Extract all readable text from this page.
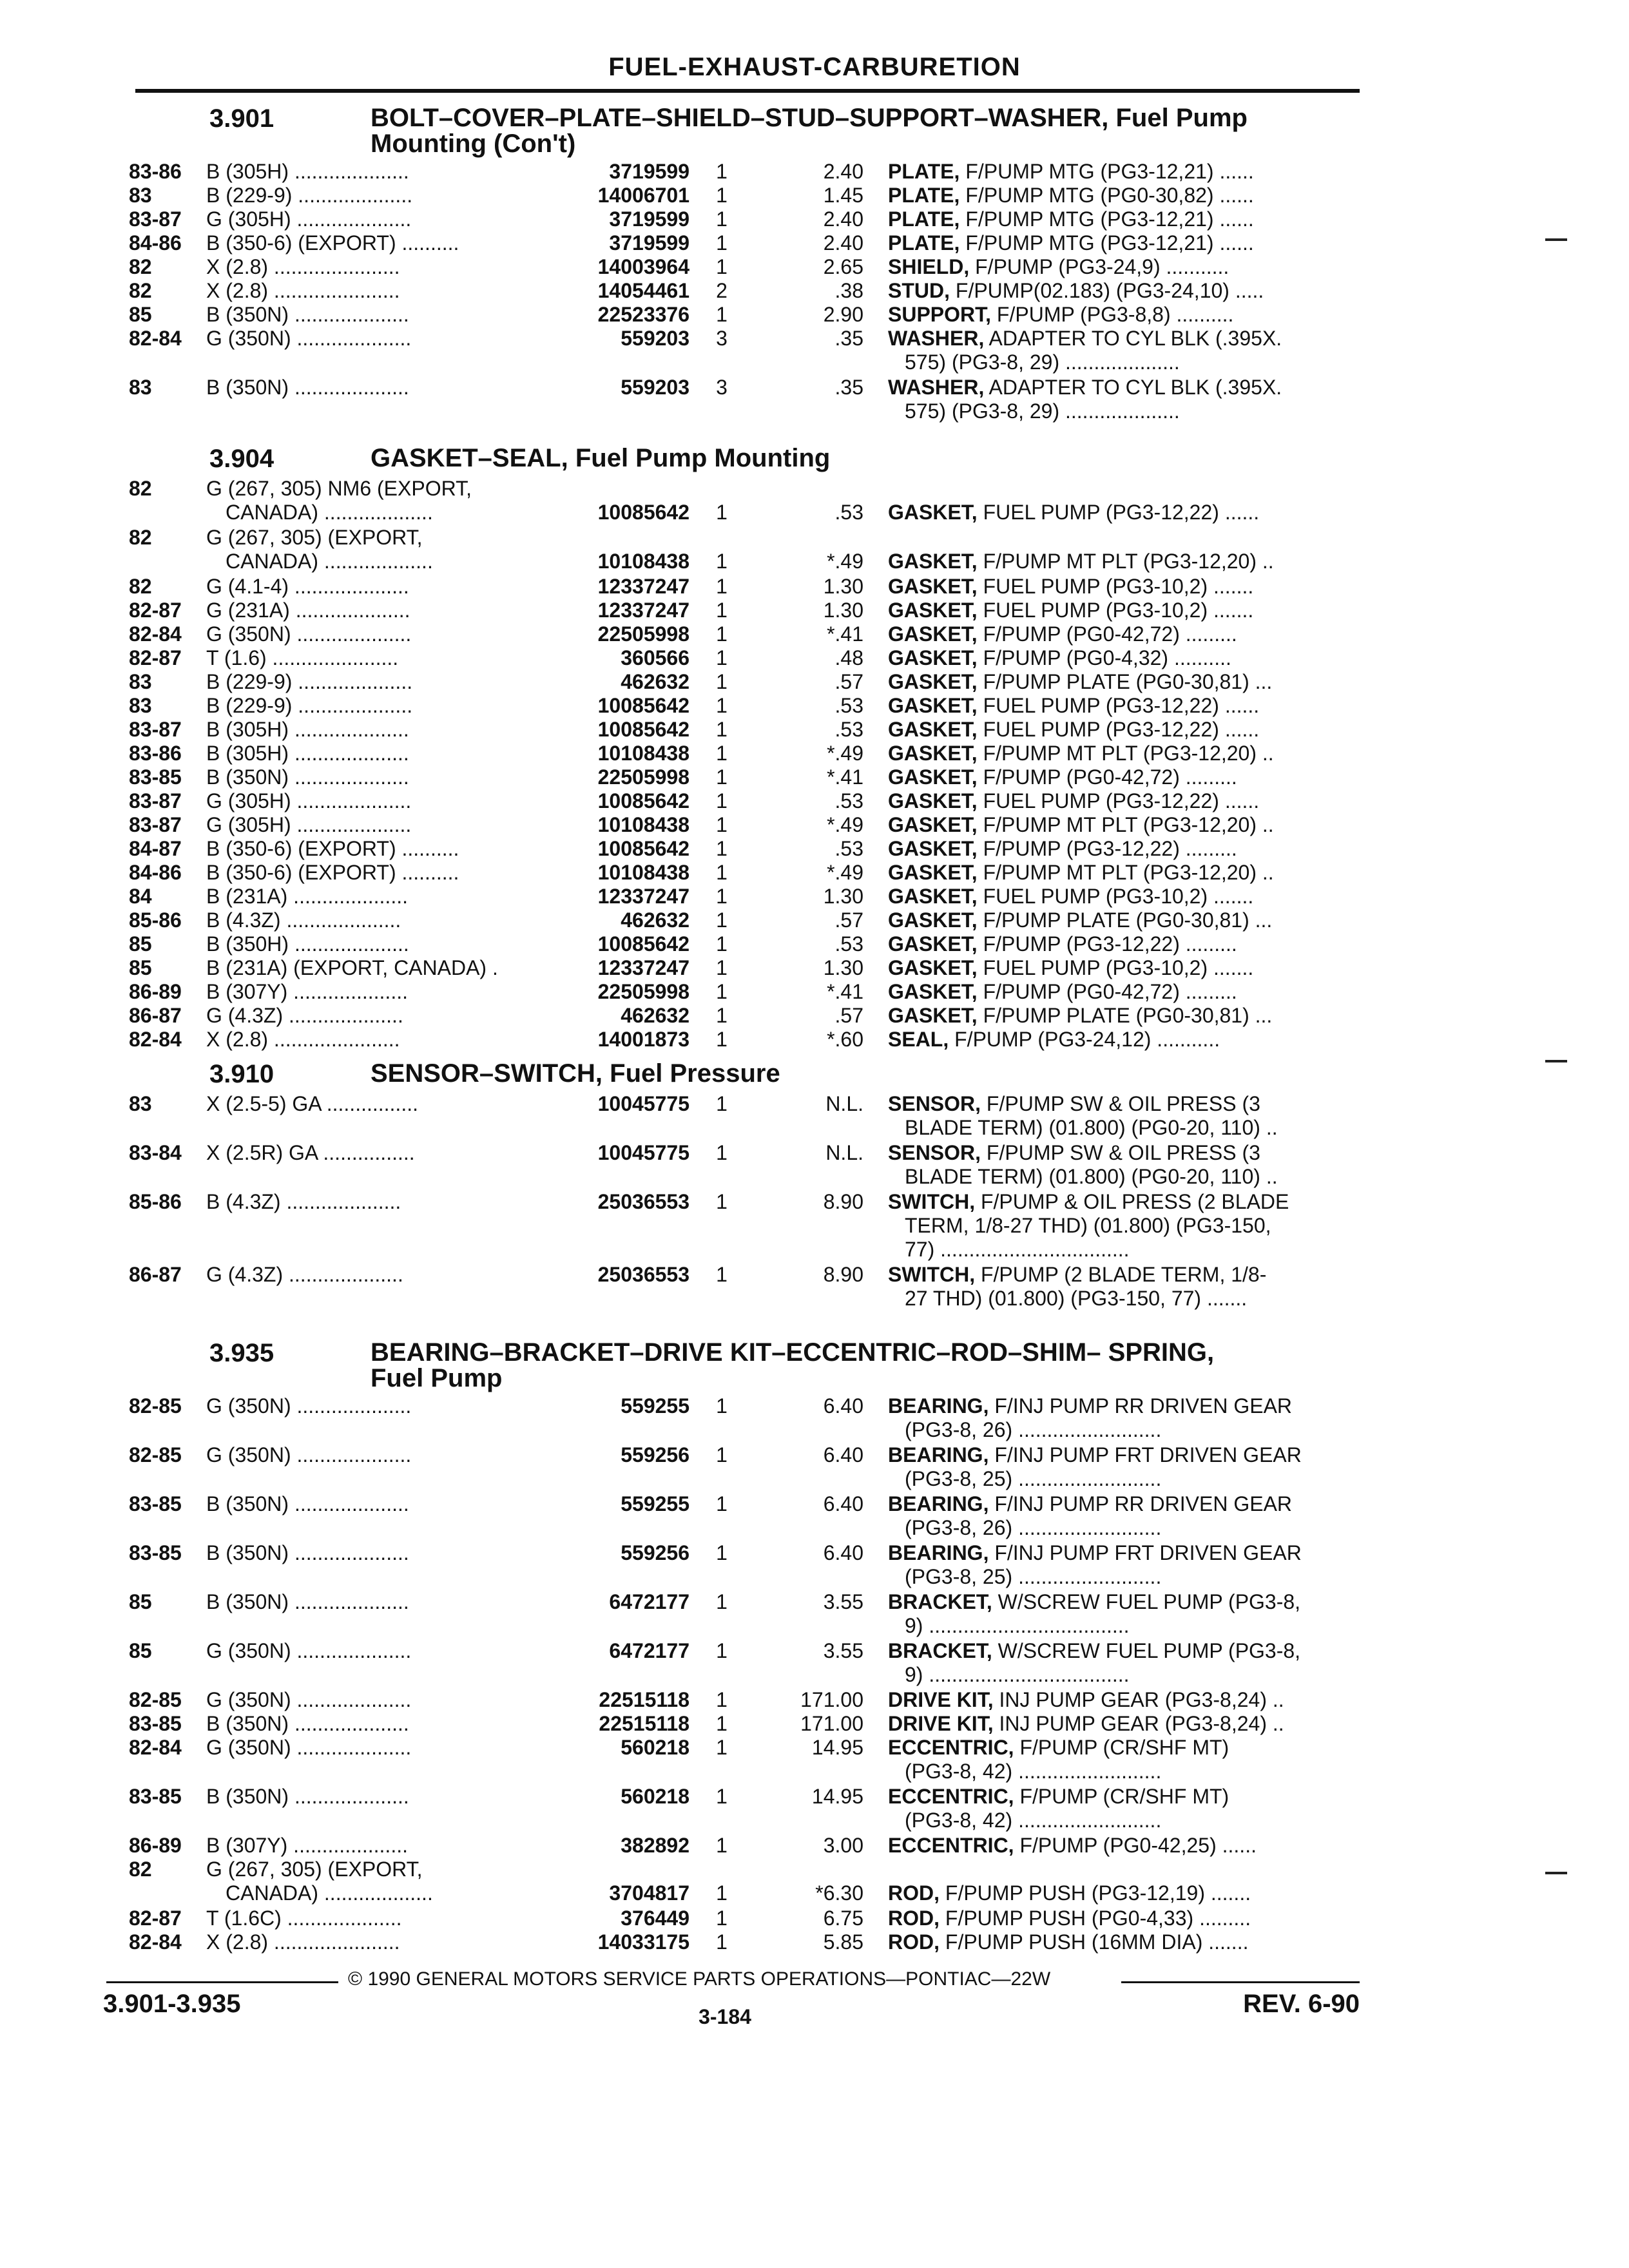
FUEL-EXHAUST-CARBURETION
3.901	BOLT–COVER–PLATE–SHIELD–STUD–SUPPORT–WASHER, Fuel Pump
Mounting (Con't)
83-86 B (305H) ....................	3719599	1	2.40 PLATE, F/PUMP MTG (PG3-12,21) ......
83	B (229-9) ....................	14006701	1	1.45 PLATE, F/PUMP MTG (PG0-30,82) ......
83-87 G (305H) ....................	3719599	1	2.40 PLATE, F/PUMP MTG (PG3-12,21) ......
84-86 B (350-6) (EXPORT) ..........	3719599	1	2.40 PLATE, F/PUMP MTG (PG3-12,21) ......
82	X (2.8) ......................	14003964	1	2.65 SHIELD, F/PUMP (PG3-24,9) ...........
82	X (2.8) ......................	14054461	2	.38 STUD, F/PUMP(02.183) (PG3-24,10) .....
85	B (350N) ....................	22523376	1	2.90 SUPPORT, F/PUMP (PG3-8,8) ..........
82-84 G (350N) ....................	559203	3	.35 WASHER, ADAPTER TO CYL BLK (.395X.
575) (PG3-8, 29) ....................
83	B (350N) ....................	559203	3	.35 WASHER, ADAPTER TO CYL BLK (.395X.
575) (PG3-8, 29) ....................
3.904	GASKET–SEAL, Fuel Pump Mounting
82	G (267, 305) NM6 (EXPORT,
CANADA) ...................	10085642	1	.53 GASKET, FUEL PUMP (PG3-12,22) ......
82	G (267, 305) (EXPORT,
CANADA) ...................	10108438	1	*.49 GASKET, F/PUMP MT PLT (PG3-12,20) ..
82	G (4.1-4) ....................	12337247	1	1.30 GASKET, FUEL PUMP (PG3-10,2) .......
82-87 G (231A) ....................	12337247	1	1.30 GASKET, FUEL PUMP (PG3-10,2) .......
82-84 G (350N) ....................	22505998	1	*.41 GASKET, F/PUMP (PG0-42,72) .........
82-87 T (1.6) ......................	360566	1	.48 GASKET, F/PUMP (PG0-4,32) ..........
83	B (229-9) ....................	462632	1	.57 GASKET, F/PUMP PLATE (PG0-30,81) ...
83	B (229-9) ....................	10085642	1	.53 GASKET, FUEL PUMP (PG3-12,22) ......
83-87 B (305H) ....................	10085642	1	.53 GASKET, FUEL PUMP (PG3-12,22) ......
83-86 B (305H) ....................	10108438	1	*.49 GASKET, F/PUMP MT PLT (PG3-12,20) ..
83-85 B (350N) ....................	22505998	1	*.41 GASKET, F/PUMP (PG0-42,72) .........
83-87 G (305H) ....................	10085642	1	.53 GASKET, FUEL PUMP (PG3-12,22) ......
83-87 G (305H) ....................	10108438	1	*.49 GASKET, F/PUMP MT PLT (PG3-12,20) ..
84-87 B (350-6) (EXPORT) ..........	10085642	1	.53 GASKET, F/PUMP (PG3-12,22) .........
84-86 B (350-6) (EXPORT) ..........	10108438	1	*.49 GASKET, F/PUMP MT PLT (PG3-12,20) ..
84	B (231A) ....................	12337247	1	1.30 GASKET, FUEL PUMP (PG3-10,2) .......
85-86 B (4.3Z) ....................	462632	1	.57 GASKET, F/PUMP PLATE (PG0-30,81) ...
85	B (350H) ....................	10085642	1	.53 GASKET, F/PUMP (PG3-12,22) .........
85	B (231A) (EXPORT, CANADA) .	12337247	1	1.30 GASKET, FUEL PUMP (PG3-10,2) .......
86-89 B (307Y) ....................	22505998	1	*.41 GASKET, F/PUMP (PG0-42,72) .........
86-87 G (4.3Z) ....................	462632	1	.57 GASKET, F/PUMP PLATE (PG0-30,81) ...
82-84 X (2.8) ......................	14001873	1	*.60 SEAL, F/PUMP (PG3-24,12) ...........
3.910	SENSOR–SWITCH, Fuel Pressure
83	X (2.5-5) GA ................	10045775	1	N.L. SENSOR, F/PUMP SW & OIL PRESS (3
BLADE TERM) (01.800) (PG0-20, 110) ..
83-84 X (2.5R) GA ................	10045775	1	N.L. SENSOR, F/PUMP SW & OIL PRESS (3
BLADE TERM) (01.800) (PG0-20, 110) ..
85-86 B (4.3Z) ....................	25036553	1	8.90 SWITCH, F/PUMP & OIL PRESS (2 BLADE
TERM, 1/8-27 THD) (01.800) (PG3-150,
77) .................................
86-87 G (4.3Z) ....................	25036553	1	8.90 SWITCH, F/PUMP (2 BLADE TERM, 1/8-
27 THD) (01.800) (PG3-150, 77) .......
3.935	BEARING–BRACKET–DRIVE KIT–ECCENTRIC–ROD–SHIM– SPRING,
Fuel Pump
82-85 G (350N) ....................	559255	1	6.40 BEARING, F/INJ PUMP RR DRIVEN GEAR
(PG3-8, 26) .........................
82-85 G (350N) ....................	559256	1	6.40 BEARING, F/INJ PUMP FRT DRIVEN GEAR
(PG3-8, 25) .........................
83-85 B (350N) ....................	559255	1	6.40 BEARING, F/INJ PUMP RR DRIVEN GEAR
(PG3-8, 26) .........................
83-85 B (350N) ....................	559256	1	6.40 BEARING, F/INJ PUMP FRT DRIVEN GEAR
(PG3-8, 25) .........................
85	B (350N) ....................	6472177	1	3.55 BRACKET, W/SCREW FUEL PUMP (PG3-8,
9) ...................................
85	G (350N) ....................	6472177	1	3.55 BRACKET, W/SCREW FUEL PUMP (PG3-8,
9) ...................................
82-85 G (350N) ....................	22515118	1	171.00 DRIVE KIT, INJ PUMP GEAR (PG3-8,24) ..
83-85 B (350N) ....................	22515118	1	171.00 DRIVE KIT, INJ PUMP GEAR (PG3-8,24) ..
82-84 G (350N) ....................	560218	1	14.95 ECCENTRIC, F/PUMP (CR/SHF MT)
(PG3-8, 42) .........................
83-85 B (350N) ....................	560218	1	14.95 ECCENTRIC, F/PUMP (CR/SHF MT)
(PG3-8, 42) .........................
86-89 B (307Y) ....................	382892	1	3.00 ECCENTRIC, F/PUMP (PG0-42,25) ......
82	G (267, 305) (EXPORT,
CANADA) ...................	3704817	1	*6.30 ROD, F/PUMP PUSH (PG3-12,19) .......
82-87 T (1.6C) ....................	376449	1	6.75 ROD, F/PUMP PUSH (PG0-4,33) .........
82-84 X (2.8) ......................	14033175	1	5.85 ROD, F/PUMP PUSH (16MM DIA) .......
© 1990 GENERAL MOTORS SERVICE PARTS OPERATIONS—PONTIAC—22W
3.901-3.935	3-184	REV. 6-90
